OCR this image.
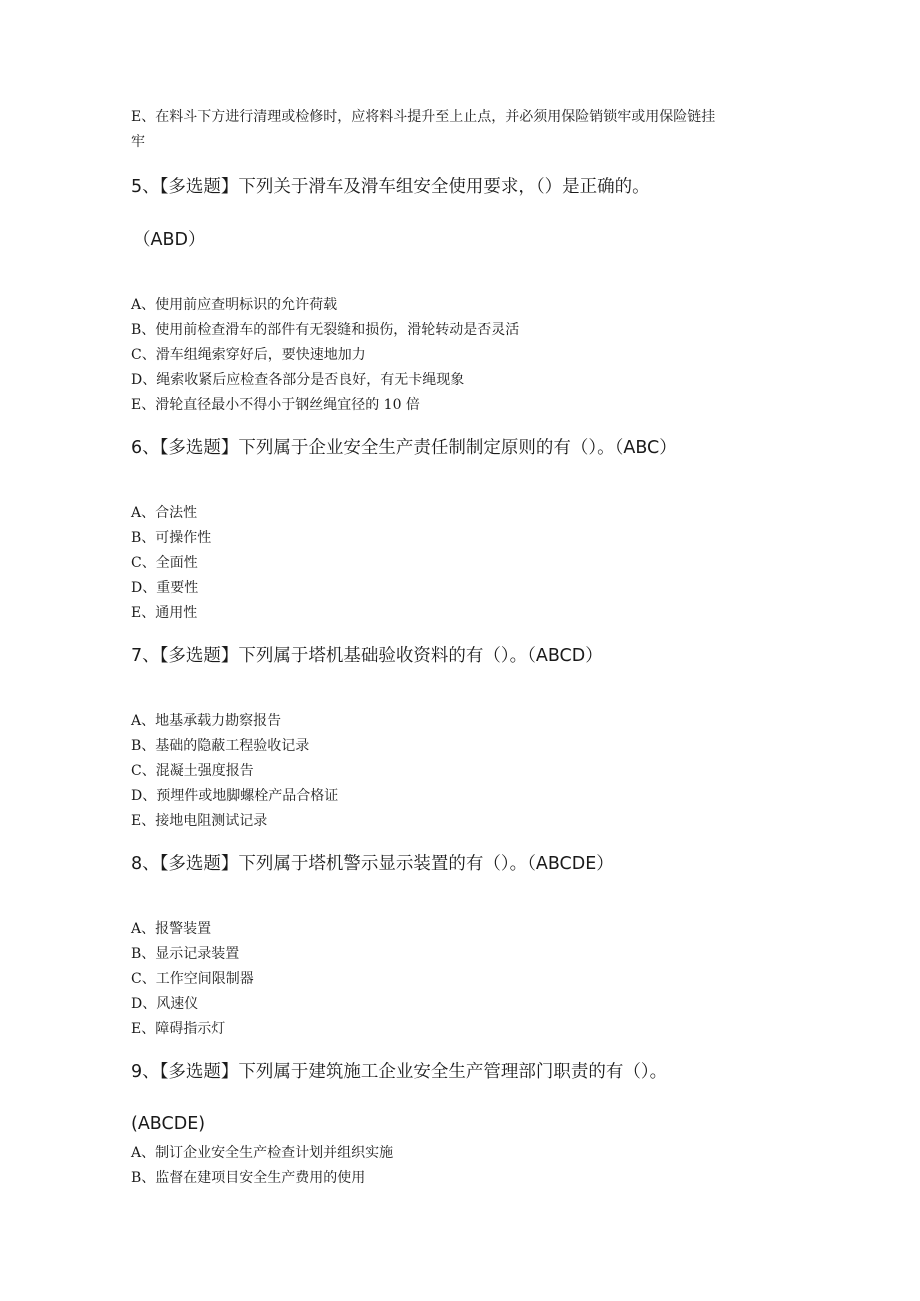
E、在料斗下方进行清理或检修时，应将料斗提升至上止点，并必须用保险销锁牢或用保险链挂
牢
5、【多选题】下列关于滑车及滑车组安全使用要求，（）是正确的。
（ABD）
A、使用前应查明标识的允许荷载
B、使用前检查滑车的部件有无裂缝和损伤，滑轮转动是否灵活
C、滑车组绳索穿好后，要快速地加力
D、绳索收紧后应检查各部分是否良好，有无卡绳现象
E、滑轮直径最小不得小于钢丝绳宜径的 10 倍
6、【多选题】下列属于企业安全生产责任制制定原则的有（）。（ABC）
A、合法性
B、可操作性
C、全面性
D、重要性
E、通用性
7、【多选题】下列属于塔机基础验收资料的有（）。（ABCD）
A、地基承载力勘察报告
B、基础的隐蔽工程验收记录
C、混凝土强度报告
D、预埋件或地脚螺栓产品合格证
E、接地电阻测试记录
8、【多选题】下列属于塔机警示显示装置的有（）。（ABCDE）
A、报警装置
B、显示记录装置
C、工作空间限制器
D、风速仪
E、障碍指示灯
9、【多选题】下列属于建筑施工企业安全生产管理部门职责的有（）。
(ABCDE)
A、制订企业安全生产检查计划并组织实施
B、监督在建项目安全生产费用的使用
